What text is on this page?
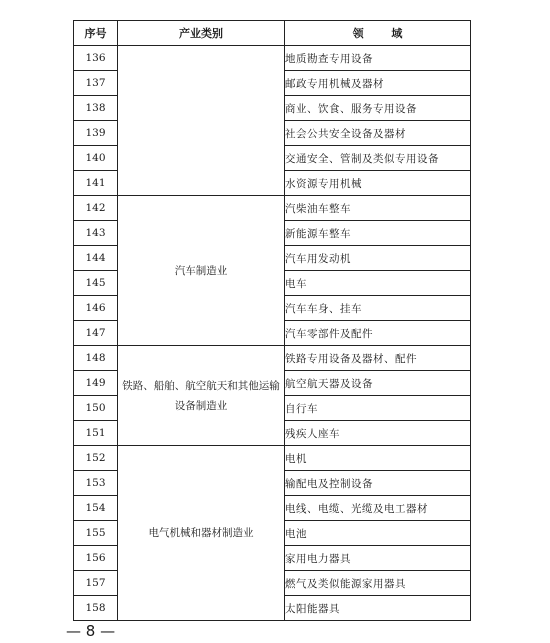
序号	产业类别	领 域
136		地质勘查专用设备
137		邮政专用机械及器材
138		商业、饮食、服务专用设备
139		社会公共安全设备及器材
140		交通安全、管制及类似专用设备
141		水资源专用机械
142	汽车制造业	汽柴油车整车
143		新能源车整车
144		汽车用发动机
145		电车
146		汽车车身、挂车
147		汽车零部件及配件
148	铁路、船舶、航空航天和其他运输设备制造业	铁路专用设备及器材、配件
149		航空航天器及设备
150		自行车
151		残疾人座车
152	电气机械和器材制造业	电机
153		输配电及控制设备
154		电线、电缆、光缆及电工器材
155		电池
156		家用电力器具
157		燃气及类似能源家用器具
158		太阳能器具
— 8 —
